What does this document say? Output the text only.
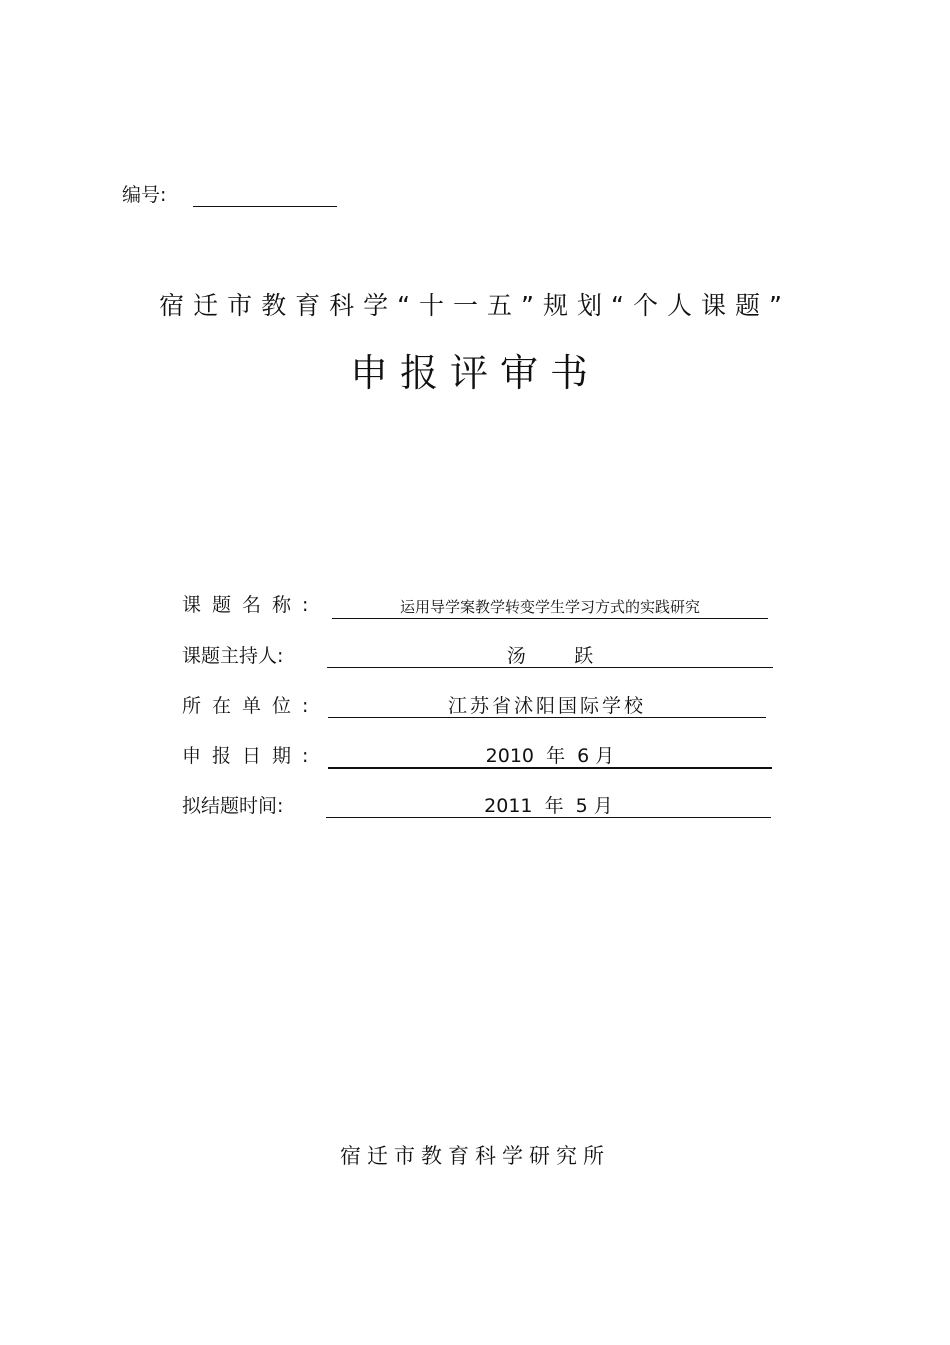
编号:
宿迁市教育科学“十一五”规划“个人课题”
申报评审书
课题名称:	运用导学案教学转变学生学习方式的实践研究
课题主持人:	汤        跃
所在单位:	江苏省沭阳国际学校
申报日期:	2010  年  6 月
拟结题时间:	2011  年  5 月
宿迁市教育科学研究所
